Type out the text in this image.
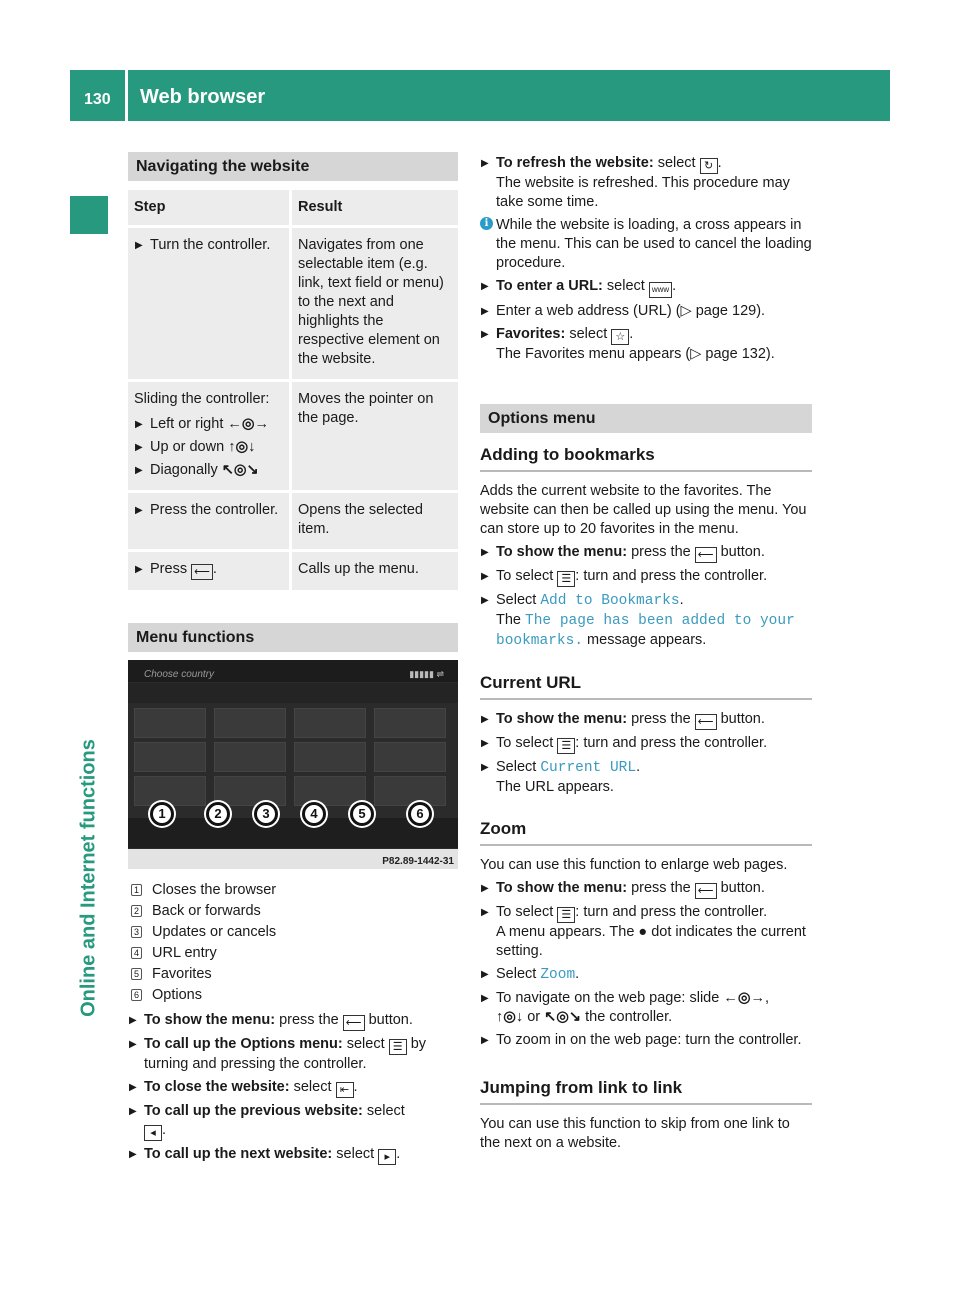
130 Web browser
Online and Internet functions
Navigating the website
Step	Result

▶ Turn the controller.	Navigates from one selectable item (e.g. link, text field or menu) to the next and highlights the respective element on the website.

Sliding the controller:
▶ Left or right ←◎→
▶ Up or down ↑◎↓
▶ Diagonally ↖◎↘	Moves the pointer on the page.

▶ Press the controller.	Opens the selected item.

▶ Press ⟵ .	Calls up the menu.
Menu functions
Choose country	▮▮▮▮▮ ⇌
1	2	3	4	5	6
P82.89-1442-31
1 Closes the browser
2 Back or forwards
3 Updates or cancels
4 URL entry
5 Favorites
6 Options
▶ To show the menu: press the ⟵ button.
▶ To call up the Options menu: select ☰ by turning and pressing the controller.
▶ To close the website: select ⇤ .
▶ To call up the previous website: select
◂ .
▶ To call up the next website: select ▸ .
▶ To refresh the website: select ↻ .
The website is refreshed. This procedure may take some time.
i While the website is loading, a cross appears in the menu. This can be used to cancel the loading procedure.
▶ To enter a URL: select www .
▶ Enter a web address (URL) (▷ page 129).
▶ Favorites: select ☆ .
The Favorites menu appears (▷ page 132).
Options menu
Adding to bookmarks
Adds the current website to the favorites. The website can then be called up using the menu. You can store up to 20 favorites in the menu.
▶ To show the menu: press the ⟵ button.
▶ To select ☰ : turn and press the controller.
▶ Select Add to Bookmarks.
The The page has been added to your
bookmarks. message appears.
Current URL
▶ To show the menu: press the ⟵ button.
▶ To select ☰ : turn and press the controller.
▶ Select Current URL.
The URL appears.
Zoom
You can use this function to enlarge web pages.
▶ To show the menu: press the ⟵ button.
▶ To select ☰ : turn and press the controller.
A menu appears. The ● dot indicates the current setting.
▶ Select Zoom.
▶ To navigate on the web page: slide ←◎→,
↑◎↓ or ↖◎↘ the controller.
▶ To zoom in on the web page: turn the controller.
Jumping from link to link
You can use this function to skip from one link to the next on a website.
